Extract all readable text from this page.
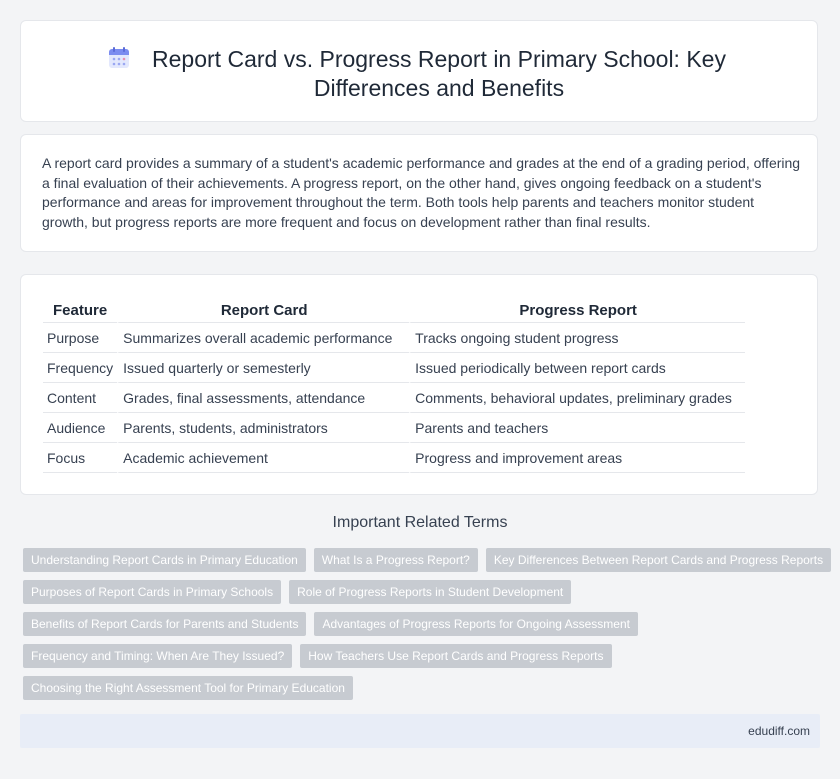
Report Card vs. Progress Report in Primary School: Key Differences and Benefits

A report card provides a summary of a student's academic performance and grades at the end of a grading period, offering a final evaluation of their achievements. A progress report, on the other hand, gives ongoing feedback on a student's performance and areas for improvement throughout the term. Both tools help parents and teachers monitor student growth, but progress reports are more frequent and focus on development rather than final results.

Feature	Report Card	Progress Report
Purpose	Summarizes overall academic performance	Tracks ongoing student progress
Frequency	Issued quarterly or semesterly	Issued periodically between report cards
Content	Grades, final assessments, attendance	Comments, behavioral updates, preliminary grades
Audience	Parents, students, administrators	Parents and teachers
Focus	Academic achievement	Progress and improvement areas
Important Related Terms
Understanding Report Cards in Primary Education	What Is a Progress Report?	Key Differences Between Report Cards and Progress Reports
Purposes of Report Cards in Primary Schools	Role of Progress Reports in Student Development
Benefits of Report Cards for Parents and Students	Advantages of Progress Reports for Ongoing Assessment
Frequency and Timing: When Are They Issued?	How Teachers Use Report Cards and Progress Reports
Choosing the Right Assessment Tool for Primary Education
edudiff.com
